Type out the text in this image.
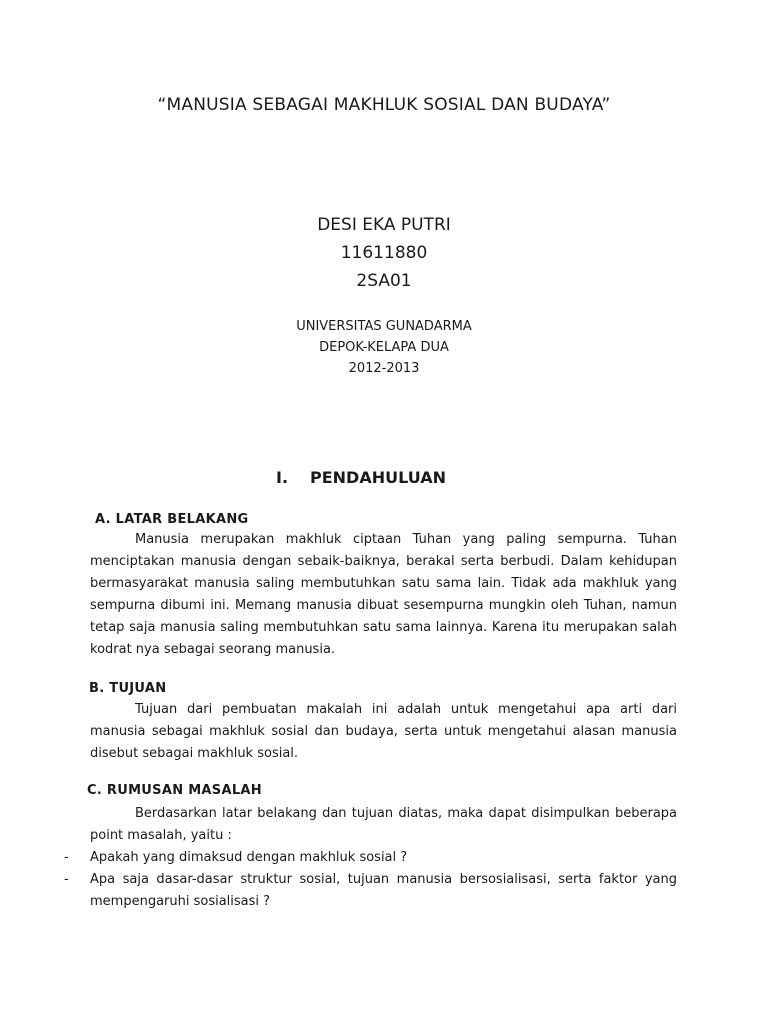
“MANUSIA SEBAGAI MAKHLUK SOSIAL DAN BUDAYA”
DESI EKA PUTRI
11611880
2SA01
UNIVERSITAS GUNADARMA
DEPOK-KELAPA DUA
2012-2013
I. PENDAHULUAN
A. LATAR BELAKANG

Manusia merupakan makhluk ciptaan Tuhan yang paling sempurna. Tuhan menciptakan manusia dengan sebaik-baiknya, berakal serta berbudi. Dalam kehidupan bermasyarakat manusia saling membutuhkan satu sama lain. Tidak ada makhluk yang sempurna dibumi ini. Memang manusia dibuat sesempurna mungkin oleh Tuhan, namun tetap saja manusia saling membutuhkan satu sama lainnya. Karena itu merupakan salah kodrat nya sebagai seorang manusia.

B. TUJUAN

Tujuan dari pembuatan makalah ini adalah untuk mengetahui apa arti dari manusia sebagai makhluk sosial dan budaya, serta untuk mengetahui alasan manusia disebut sebagai makhluk sosial.

C. RUMUSAN MASALAH

Berdasarkan latar belakang dan tujuan diatas, maka dapat disimpulkan beberapa point masalah, yaitu :

- Apakah yang dimaksud dengan makhluk sosial ?
- Apa saja dasar-dasar struktur sosial, tujuan manusia bersosialisasi, serta faktor yang mempengaruhi sosialisasi ?
